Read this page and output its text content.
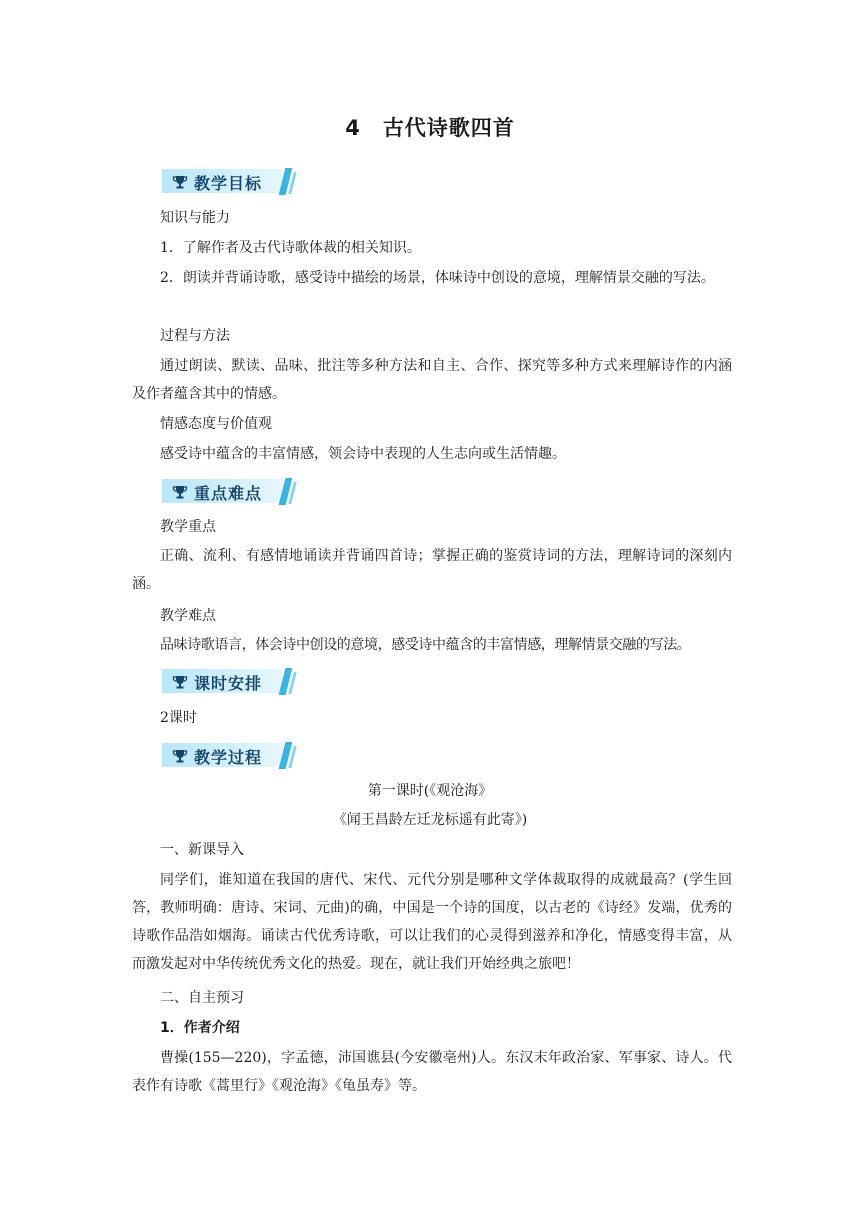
4 古代诗歌四首
教学目标
知识与能力
1．了解作者及古代诗歌体裁的相关知识。
2．朗读并背诵诗歌，感受诗中描绘的场景，体味诗中创设的意境，理解情景交融的写法。
过程与方法
通过朗读、默读、品味、批注等多种方法和自主、合作、探究等多种方式来理解诗作的内涵及作者蕴含其中的情感。
情感态度与价值观
感受诗中蕴含的丰富情感，领会诗中表现的人生志向或生活情趣。
重点难点
教学重点
正确、流利、有感情地诵读并背诵四首诗；掌握正确的鉴赏诗词的方法，理解诗词的深刻内涵。
教学难点
品味诗歌语言，体会诗中创设的意境，感受诗中蕴含的丰富情感，理解情景交融的写法。
课时安排
2课时
教学过程
第一课时(《观沧海》
《闻王昌龄左迁龙标遥有此寄》)
一、新课导入
同学们，谁知道在我国的唐代、宋代、元代分别是哪种文学体裁取得的成就最高？(学生回答，教师明确：唐诗、宋词、元曲)的确，中国是一个诗的国度，以古老的《诗经》发端，优秀的诗歌作品浩如烟海。诵读古代优秀诗歌，可以让我们的心灵得到滋养和净化，情感变得丰富，从而激发起对中华传统优秀文化的热爱。现在，就让我们开始经典之旅吧！
二、自主预习
1．作者介绍
曹操(155—220)，字孟德，沛国谯县(今安徽亳州)人。东汉末年政治家、军事家、诗人。代表作有诗歌《蒿里行》《观沧海》《龟虽寿》等。
